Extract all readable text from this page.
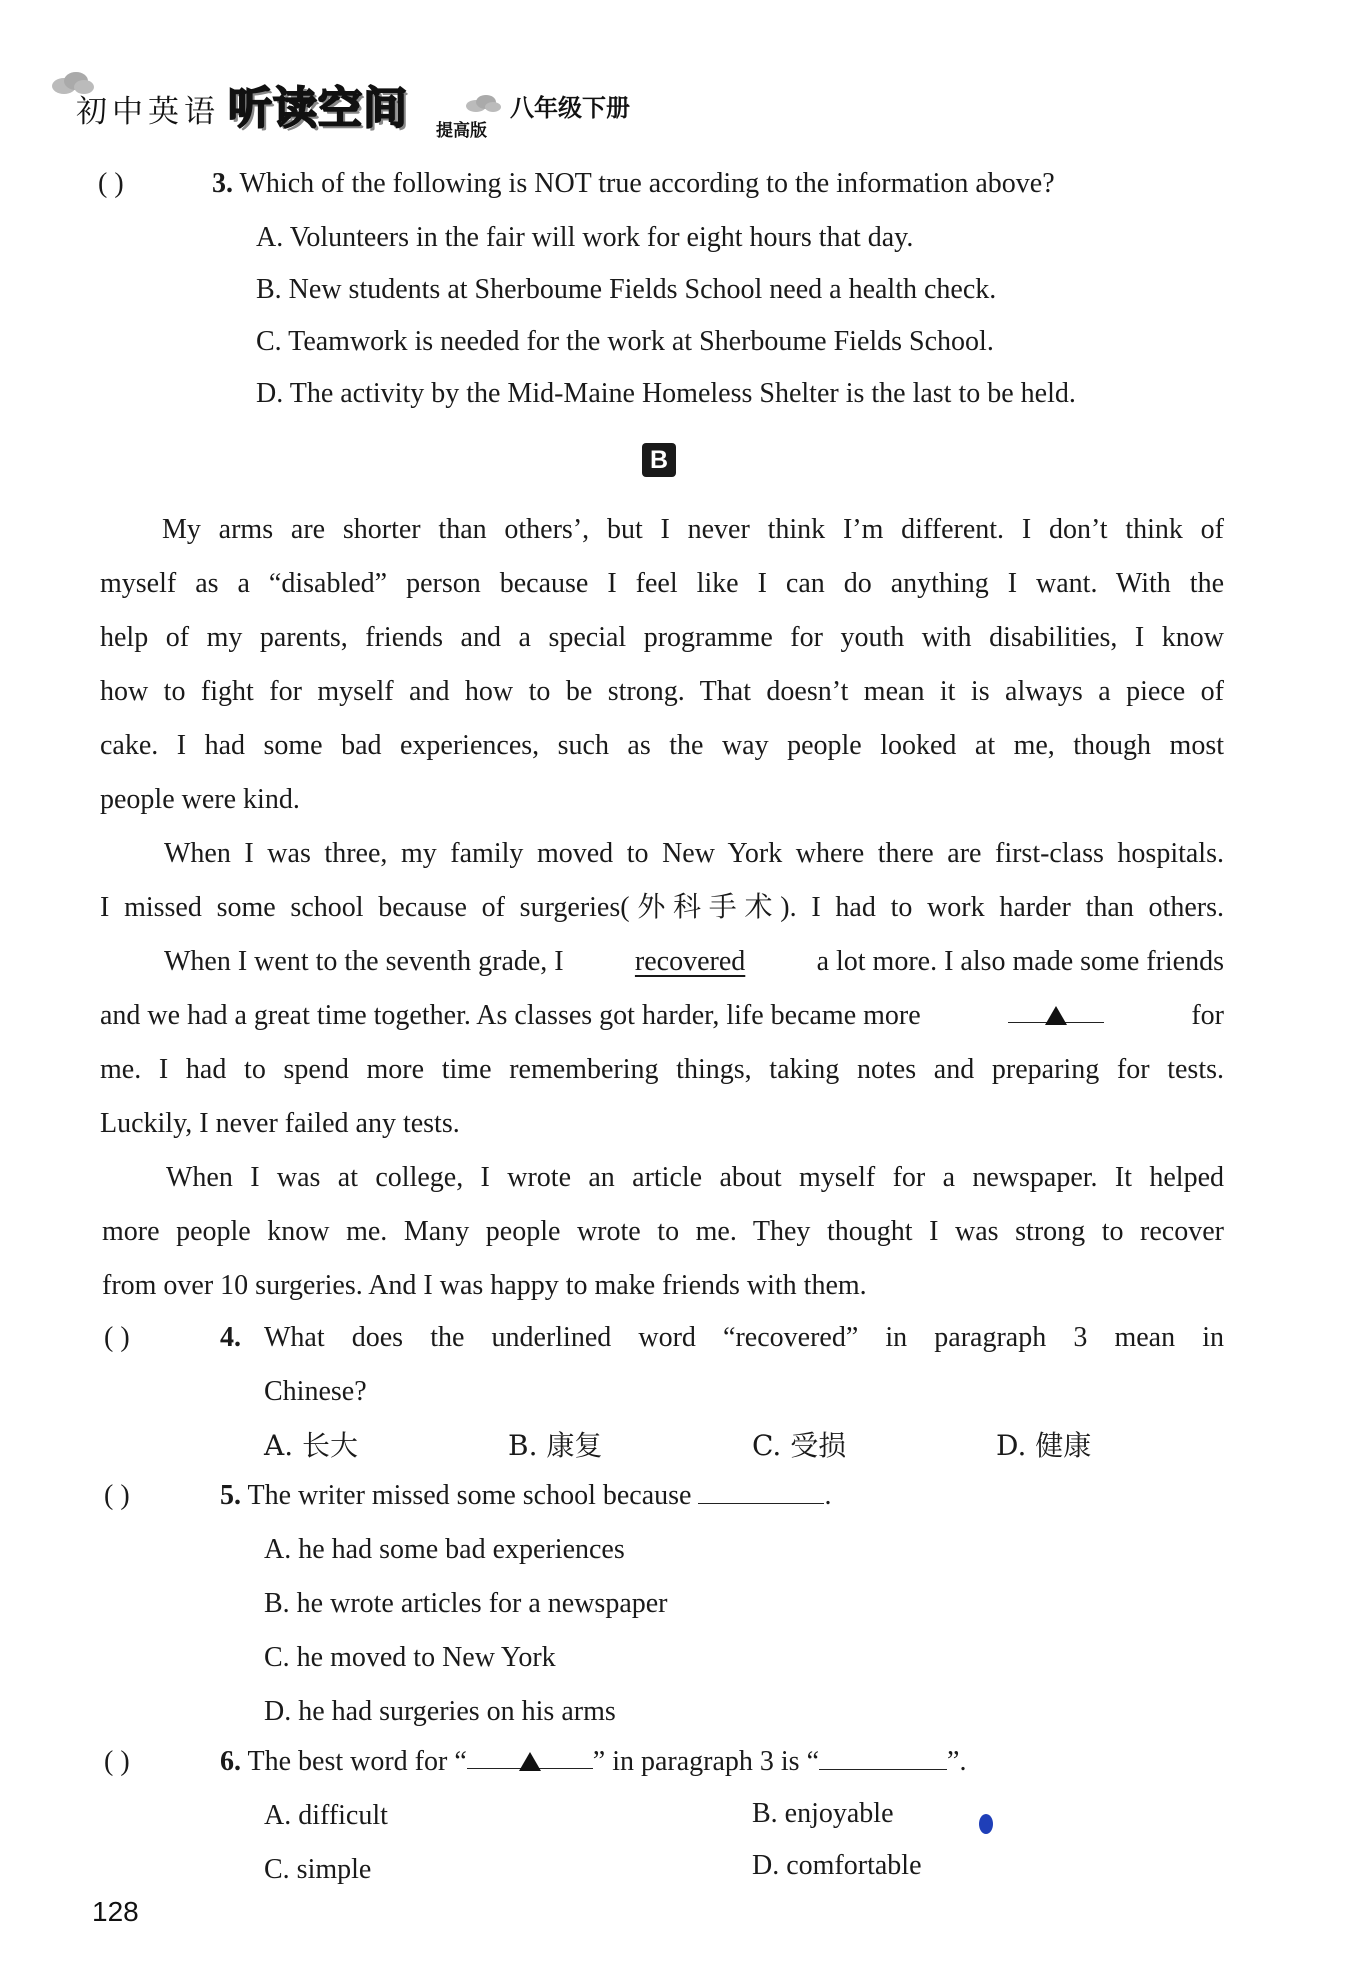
初中英语 听读空间 提高版
八年级下册
( )	3. Which of the following is NOT true according to the information above?
A. Volunteers in the fair will work for eight hours that day.
B. New students at Sherboume Fields School need a health check.
C. Teamwork is needed for the work at Sherboume Fields School.
D. The activity by the Mid-Maine Homeless Shelter is the last to be held.
B
My arms are shorter than others’, but I never think I’m different. I don’t think of
myself as a “disabled” person because I feel like I can do anything I want. With the
help of my parents, friends and a special programme for youth with disabilities, I know
how to fight for myself and how to be strong. That doesn’t mean it is always a piece of
cake. I had some bad experiences, such as the way people looked at me, though most
people were kind.
When I was three, my family moved to New York where there are first-class hospitals.
I missed some school because of surgeries(外科手术). I had to work harder than others.
When I went to the seventh grade, I	recovered	a lot more. I also made some friends
and we had a great time together. As classes got harder, life became more	for
me. I had to spend more time remembering things, taking notes and preparing for tests.
Luckily, I never failed any tests.
When I was at college, I wrote an article about myself for a newspaper. It helped
more people know me. Many people wrote to me. They thought I was strong to recover
from over 10 surgeries. And I was happy to make friends with them.
( )	4. What does the underlined word “recovered” in paragraph 3 mean in
Chinese?
A. 长大	B. 康复	C. 受损	D. 健康
( )	5. The writer missed some school because	.
A. he had some bad experiences
B. he wrote articles for a newspaper
C. he moved to New York
D. he had surgeries on his arms
( )	6. The best word for “	” in paragraph 3 is “	”.
A. difficult	B. enjoyable
C. simple	D. comfortable
128
